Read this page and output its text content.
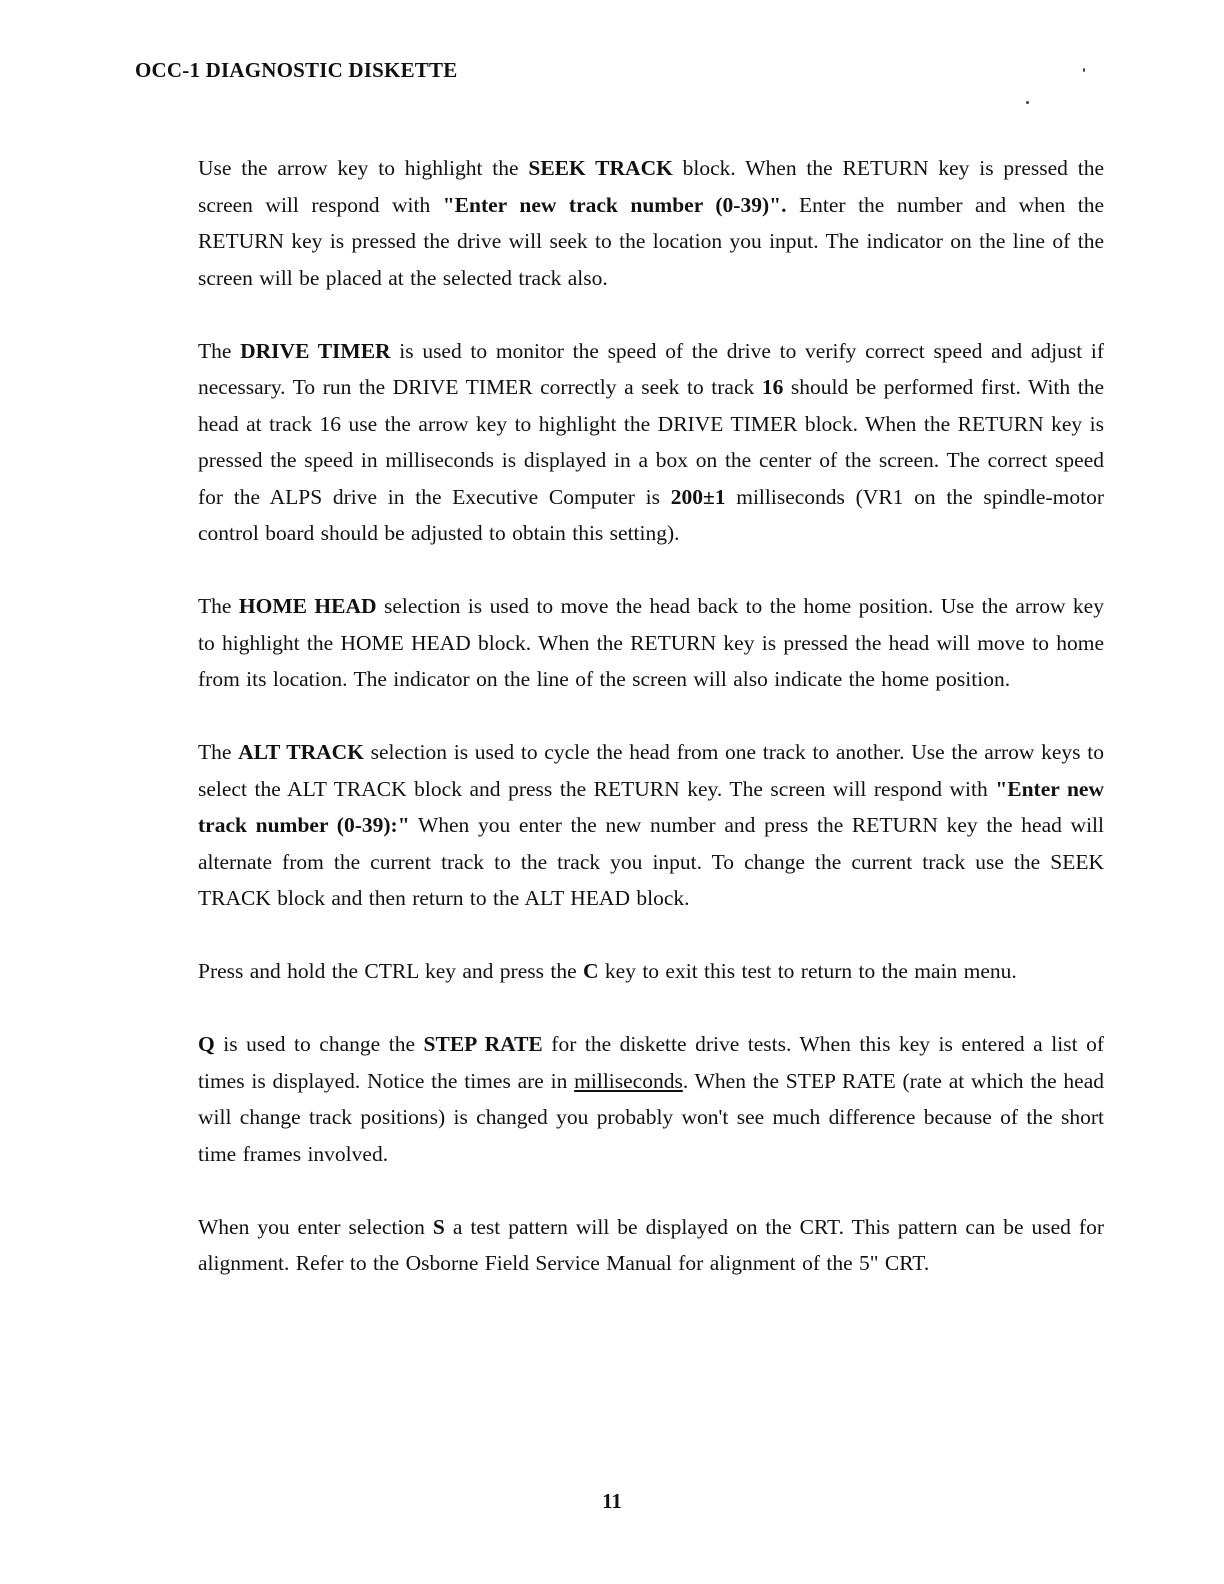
OCC-1 DIAGNOSTIC DISKETTE

Use the arrow key to highlight the SEEK TRACK block. When the RETURN key is pressed the screen will respond with "Enter new track number (0-39)". Enter the number and when the RETURN key is pressed the drive will seek to the location you input. The indicator on the line of the screen will be placed at the selected track also.

The DRIVE TIMER is used to monitor the speed of the drive to verify correct speed and adjust if necessary. To run the DRIVE TIMER correctly a seek to track 16 should be performed first. With the head at track 16 use the arrow key to highlight the DRIVE TIMER block. When the RETURN key is pressed the speed in milliseconds is displayed in a box on the center of the screen. The correct speed for the ALPS drive in the Executive Computer is 200±1 milliseconds (VR1 on the spindle-motor control board should be adjusted to obtain this setting).

The HOME HEAD selection is used to move the head back to the home position. Use the arrow key to highlight the HOME HEAD block. When the RETURN key is pressed the head will move to home from its location. The indicator on the line of the screen will also indicate the home position.

The ALT TRACK selection is used to cycle the head from one track to another. Use the arrow keys to select the ALT TRACK block and press the RETURN key. The screen will respond with "Enter new track number (0-39):" When you enter the new number and press the RETURN key the head will alternate from the current track to the track you input. To change the current track use the SEEK TRACK block and then return to the ALT HEAD block.

Press and hold the CTRL key and press the C key to exit this test to return to the main menu.

Q is used to change the STEP RATE for the diskette drive tests. When this key is entered a list of times is displayed. Notice the times are in milliseconds. When the STEP RATE (rate at which the head will change track positions) is changed you probably won't see much difference because of the short time frames involved.

When you enter selection S a test pattern will be displayed on the CRT. This pattern can be used for alignment. Refer to the Osborne Field Service Manual for alignment of the 5" CRT.

11
